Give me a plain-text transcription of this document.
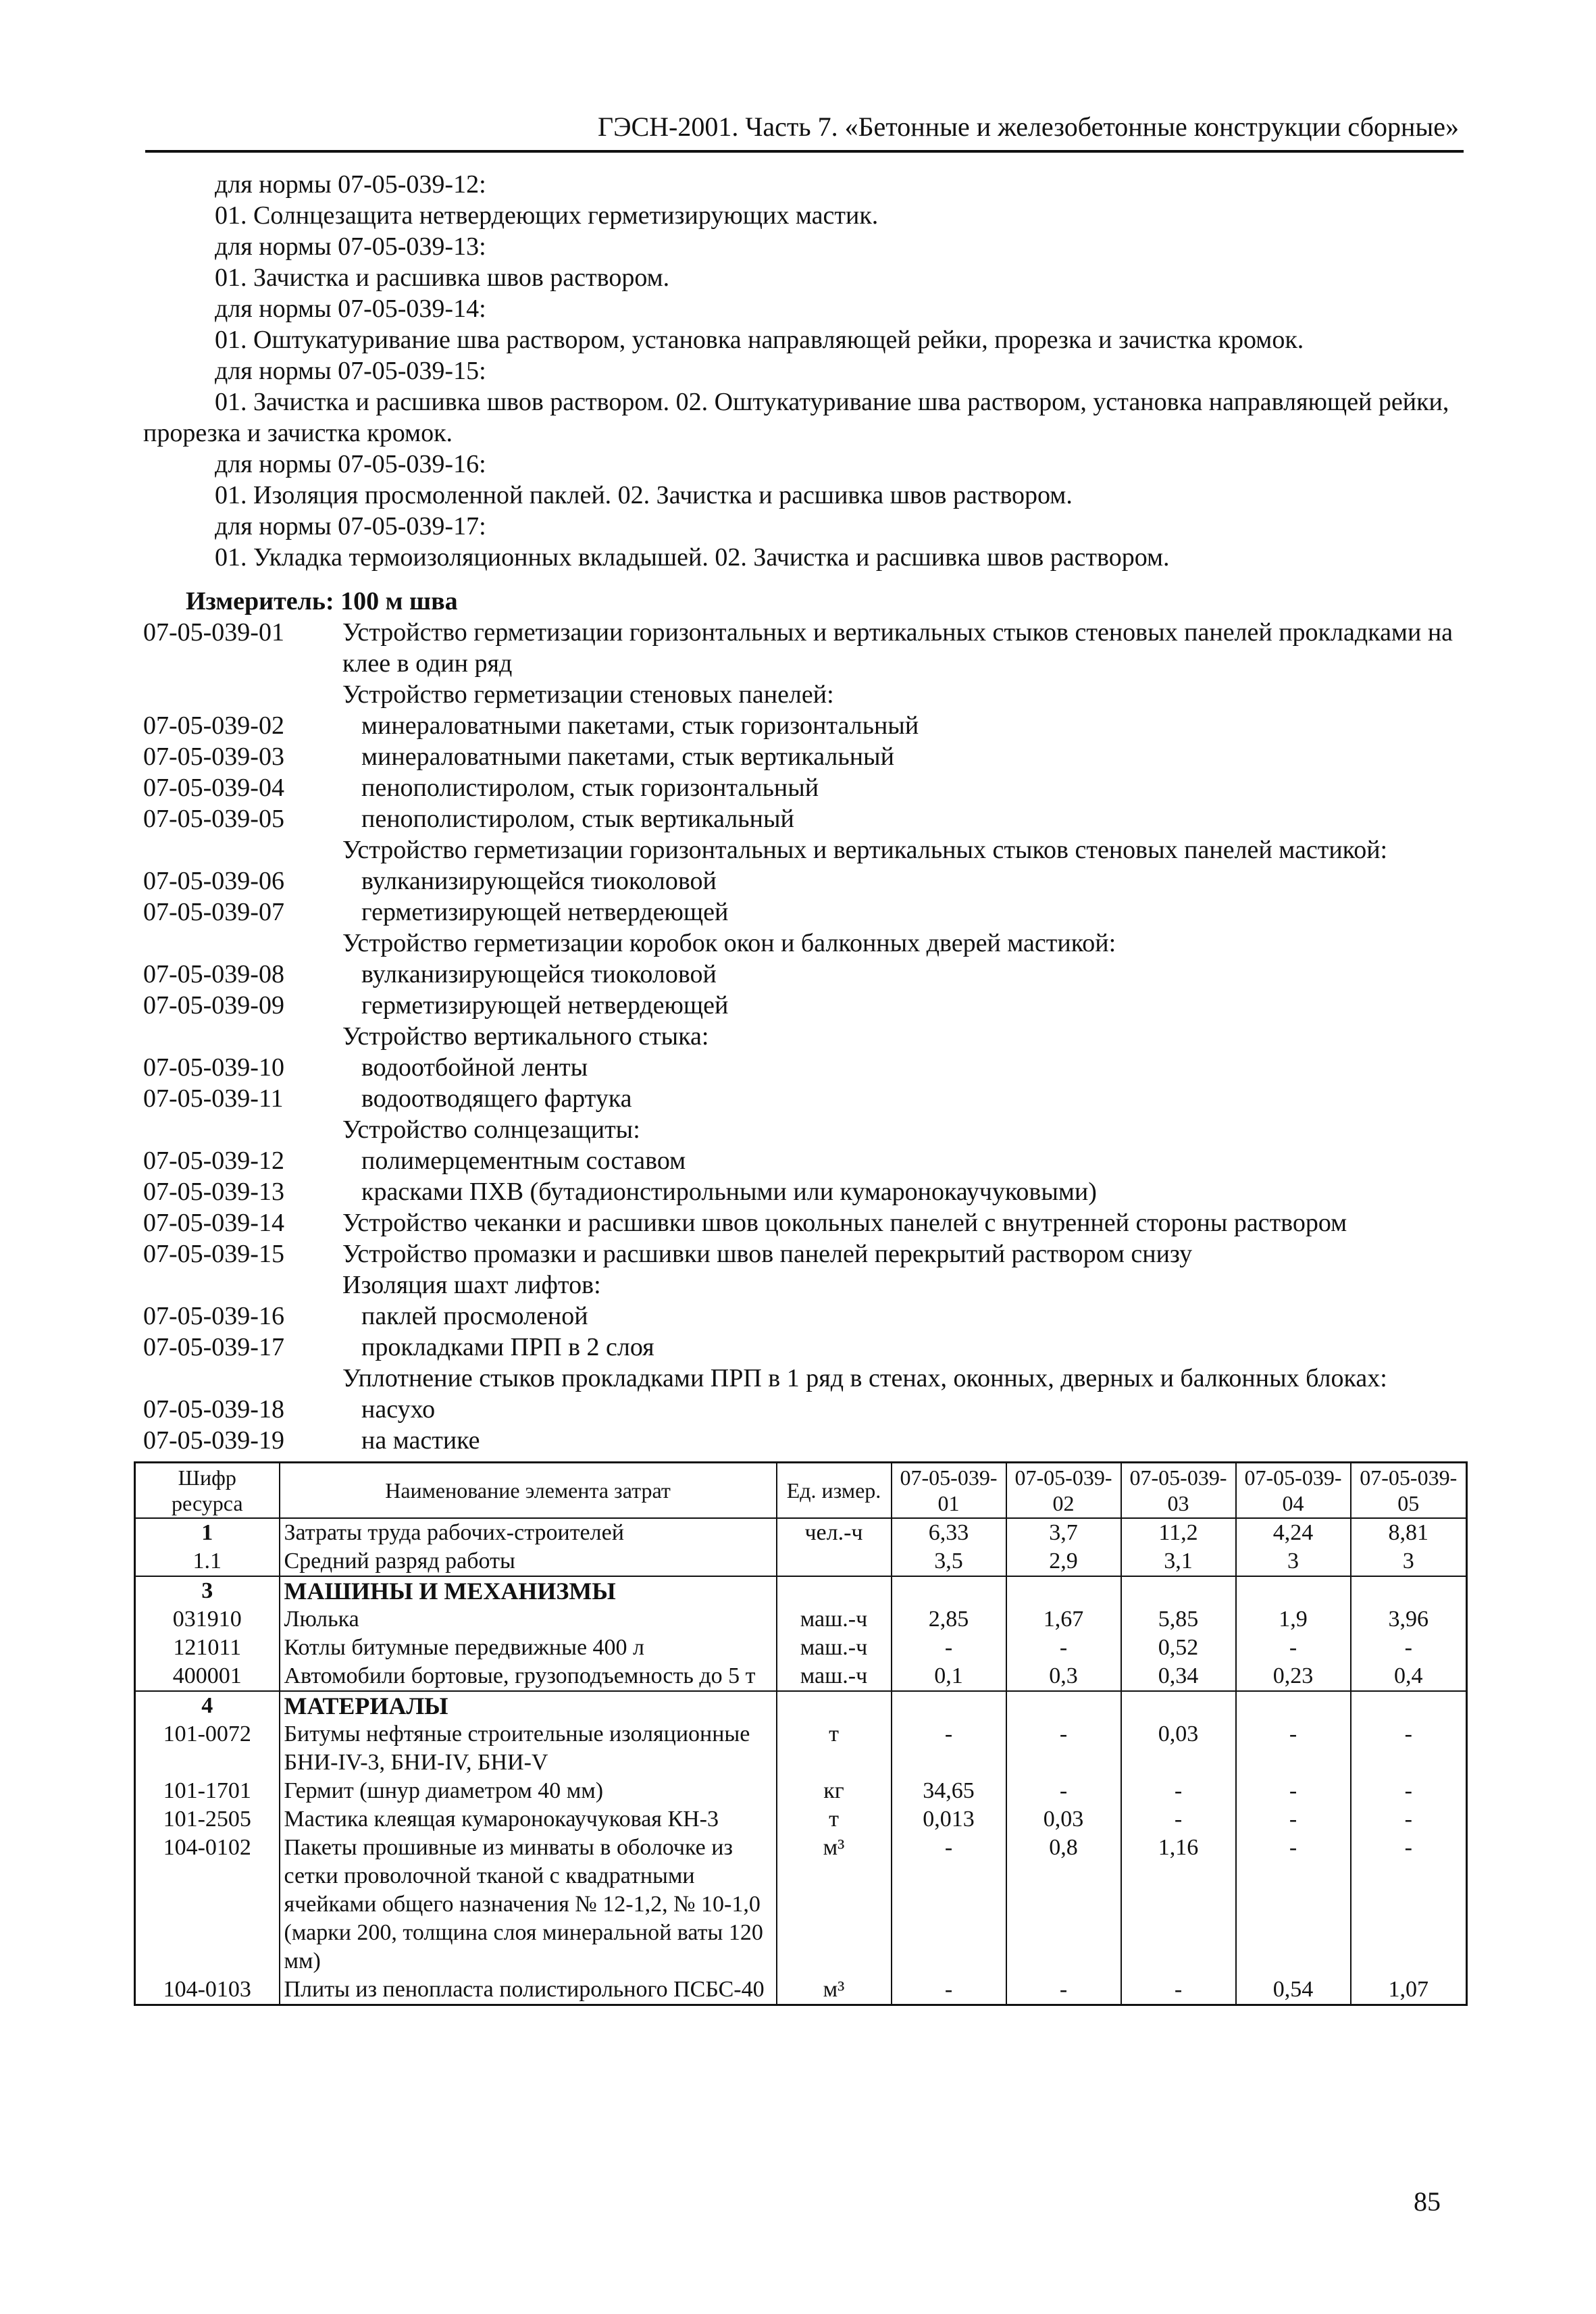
ГЭСН-2001. Часть 7. «Бетонные и железобетонные конструкции сборные»
для нормы 07-05-039-12:
01. Солнцезащита нетвердеющих герметизирующих мастик.
для нормы 07-05-039-13:
01. Зачистка и расшивка швов раствором.
для нормы 07-05-039-14:
01. Оштукатуривание шва раствором, установка направляющей рейки, прорезка и зачистка кромок.
для нормы 07-05-039-15:
01. Зачистка и расшивка швов раствором. 02. Оштукатуривание шва раствором, установка направляющей рейки, прорезка и зачистка кромок.
для нормы 07-05-039-16:
01. Изоляция просмоленной паклей. 02. Зачистка и расшивка швов раствором.
для нормы 07-05-039-17:
01. Укладка термоизоляционных вкладышей. 02. Зачистка и расшивка швов раствором.
Измеритель: 100 м шва
07-05-039-01	Устройство герметизации горизонтальных и вертикальных стыков стеновых панелей прокладками на клее в один ряд
Устройство герметизации стеновых панелей:
07-05-039-02	минераловатными пакетами, стык горизонтальный
07-05-039-03	минераловатными пакетами, стык вертикальный
07-05-039-04	пенополистиролом, стык горизонтальный
07-05-039-05	пенополистиролом, стык вертикальный
Устройство герметизации горизонтальных и вертикальных стыков стеновых панелей мастикой:
07-05-039-06	вулканизирующейся тиоколовой
07-05-039-07	герметизирующей нетвердеющей
Устройство герметизации коробок окон и балконных дверей мастикой:
07-05-039-08	вулканизирующейся тиоколовой
07-05-039-09	герметизирующей нетвердеющей
Устройство вертикального стыка:
07-05-039-10	водоотбойной ленты
07-05-039-11	водоотводящего фартука
Устройство солнцезащиты:
07-05-039-12	полимерцементным составом
07-05-039-13	красками ПХВ (бутадионстирольными или кумаронокаучуковыми)
07-05-039-14	Устройство чеканки и расшивки швов цокольных панелей с внутренней стороны раствором
07-05-039-15	Устройство промазки и расшивки швов панелей перекрытий раствором снизу
Изоляция шахт лифтов:
07-05-039-16	паклей просмоленой
07-05-039-17	прокладками ПРП в 2 слоя
Уплотнение стыков прокладками ПРП в 1 ряд в стенах, оконных, дверных и балконных блоках:
07-05-039-18	насухо
07-05-039-19	на мастике
Шифр ресурса	Наименование элемента затрат	Ед. измер.	07-05-039-01	07-05-039-02	07-05-039-03	07-05-039-04	07-05-039-05
1	Затраты труда рабочих-строителей	чел.-ч	6,33	3,7	11,2	4,24	8,81
1.1	Средний разряд работы		3,5	2,9	3,1	3	3
3	МАШИНЫ И МЕХАНИЗМЫ						
031910	Люлька	маш.-ч	2,85	1,67	5,85	1,9	3,96
121011	Котлы битумные передвижные 400 л	маш.-ч	-	-	0,52	-	-
400001	Автомобили бортовые, грузоподъемность до 5 т	маш.-ч	0,1	0,3	0,34	0,23	0,4
4	МАТЕРИАЛЫ						
101-0072	Битумы нефтяные строительные изоляционные БНИ-IV-3, БНИ-IV, БНИ-V	т	-	-	0,03	-	-
101-1701	Гермит (шнур диаметром 40 мм)	кг	34,65	-	-	-	-
101-2505	Мастика клеящая кумаронокаучуковая КН-3	т	0,013	0,03	-	-	-
104-0102	Пакеты прошивные из минваты в оболочке из сетки проволочной тканой с квадратными ячейками общего назначения № 12-1,2, № 10-1,0 (марки 200, толщина слоя минеральной ваты 120 мм)	м³	-	0,8	1,16	-	-
104-0103	Плиты из пенопласта полистирольного ПСБС-40	м³	-	-	-	0,54	1,07
85
